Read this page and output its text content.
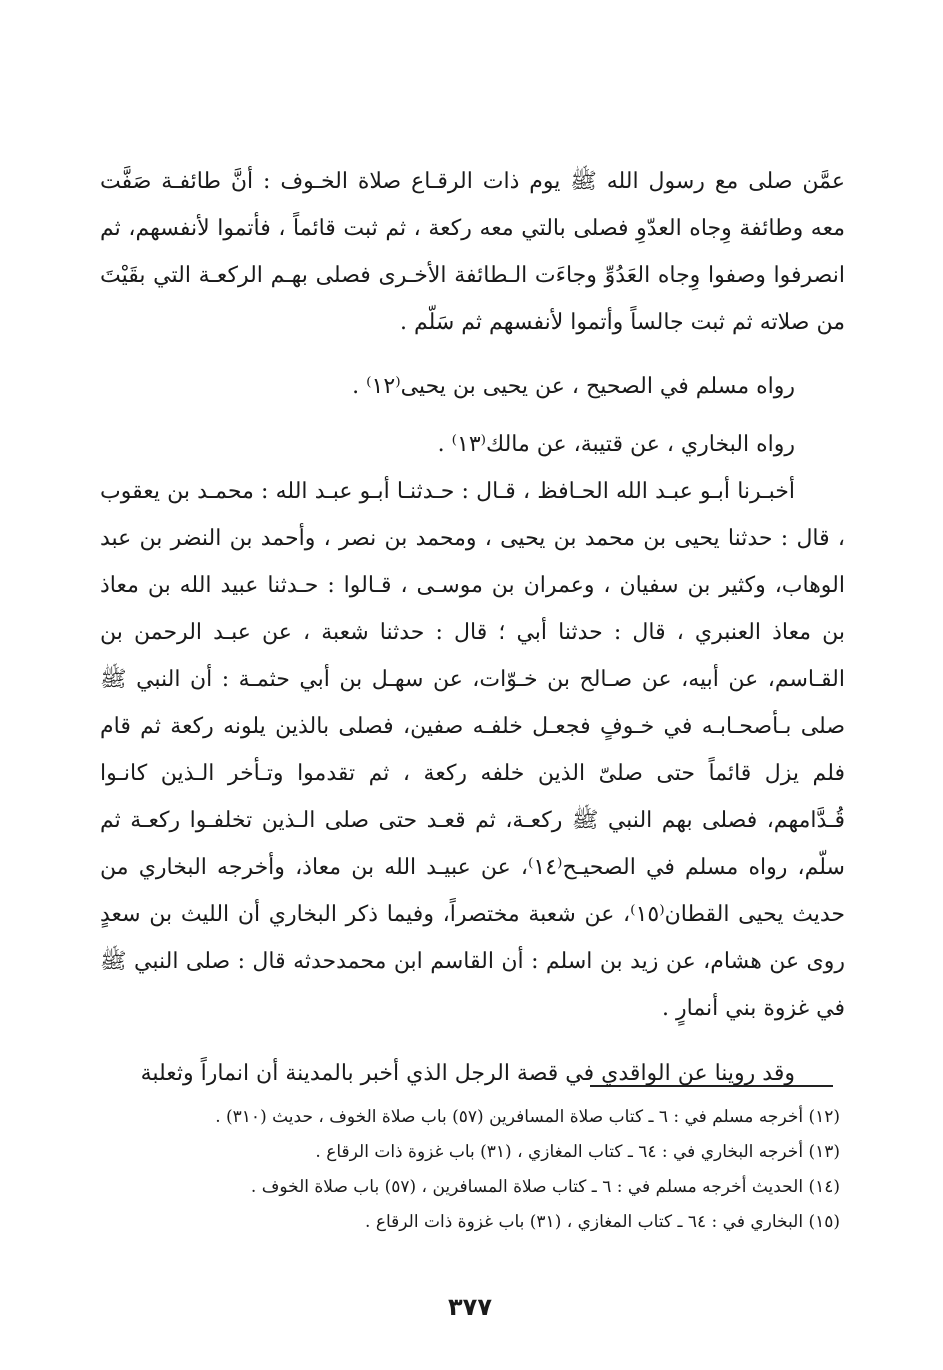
عمَّن صلى مع رسول الله ﷺ يوم ذات الرقـاع صلاة الخـوف : أنَّ طائفـة صَفَّت معه وطائفة وِجاه العدّوِ فصلى بالتي معه ركعة ، ثم ثبت قائماً ، فأتموا لأنفسهم، ثم انصرفوا وصفوا وِجاه العَدُوِّ وجاءَت الـطائفة الأخـرى فصلى بهـم الركعـة التي بقَيْتَ من صلاته ثم ثبت جالساً وأتموا لأنفسهم ثم سَلّم .

رواه مسلم في الصحيح ، عن يحيى بن يحيى⁽١٢⁾ .

رواه البخاري ، عن قتيبة، عن مالك⁽١٣⁾ .

أخبـرنا أبـو عبـد الله الحـافظ ، قـال : حـدثنـا أبـو عبـد الله : محمـد بن يعقوب ، قال : حدثنا يحيى بن محمد بن يحيى ، ومحمد بن نصر ، وأحمد بن النضر بن عبد الوهاب، وكثير بن سفيان ، وعمران بن موسـى ، قـالوا : حـدثنا عبيد الله بن معاذ بن معاذ العنبري ، قال : حدثنا أبي ؛ قال : حدثنا شعبة ، عن عبـد الرحمن بن القـاسم، عن أبيه، عن صـالح بن خـوّات، عن سهـل بن أبي حثمـة : أن النبي ﷺ صلى بـأصحـابـه في خـوفٍ فجعـل خلفـه صفين، فصلى بالذين يلونه ركعة ثم قام فلم يزل قائماً حتى صلىّ الذين خلفه ركعة ، ثم تقدموا وتـأخر الـذين كانـوا قُـدَّامهم، فصلى بهم النبي ﷺ ركعـة، ثم قعـد حتى صلى الـذين تخلفـوا ركعـة ثم سلّم، رواه مسلم في الصحيـح⁽١٤⁾، عن عبيـد الله بن معاذ، وأخرجه البخاري من حديث يحيى القطان⁽١٥⁾، عن شعبة مختصراً، وفيما ذكر البخاري أن الليث بن سعدٍ روى عن هشام، عن زيد بن اسلم : أن القاسم ابن محمدحدثه قال : صلى النبي ﷺ في غزوة بني أنمارٍ .

وقد روينا عن الواقدي في قصة الرجل الذي أخبر بالمدينة أن انماراً وثعلبة

(١٢) أخرجه مسلم في : ٦ ـ كتاب صلاة المسافرين (٥٧) باب صلاة الخوف ، حديث (٣١٠) .

(١٣) أخرجه البخاري في : ٦٤ ـ كتاب المغازي ، (٣١) باب غزوة ذات الرقاع .

(١٤) الحديث أخرجه مسلم في : ٦ ـ كتاب صلاة المسافرين ، (٥٧) باب صلاة الخوف .

(١٥) البخاري في : ٦٤ ـ كتاب المغازي ، (٣١) باب غزوة ذات الرقاع .

٣٧٧
